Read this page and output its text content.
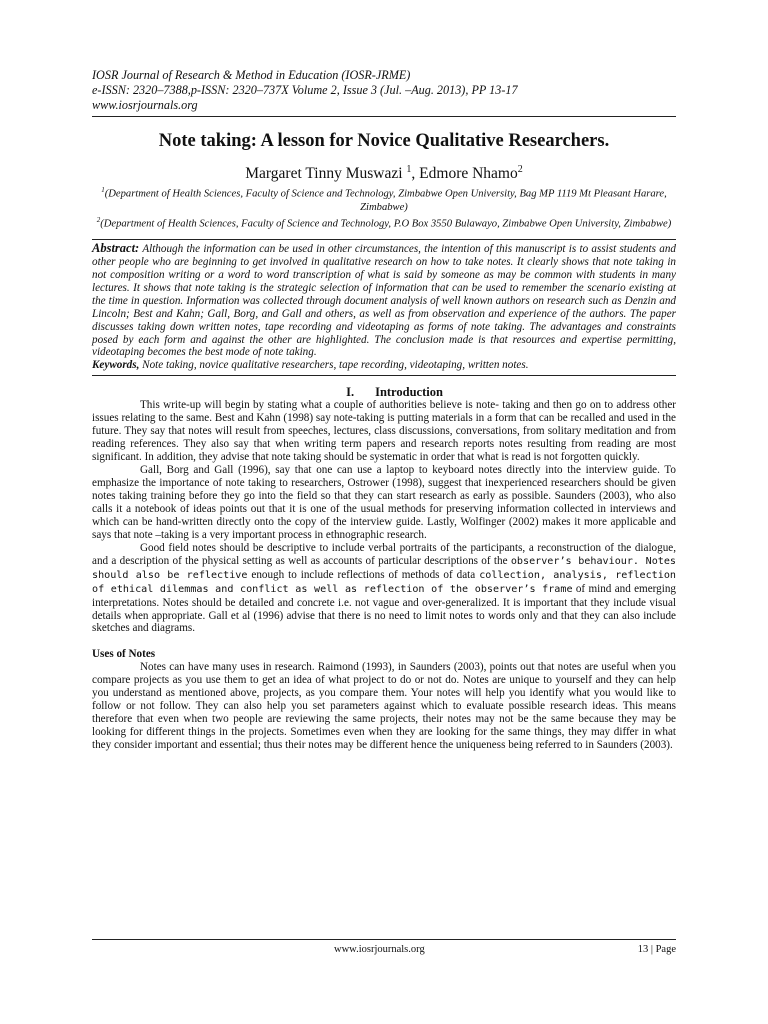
IOSR Journal of Research & Method in Education (IOSR-JRME)
e-ISSN: 2320–7388,p-ISSN: 2320–737X Volume 2, Issue 3 (Jul. –Aug. 2013), PP 13-17
www.iosrjournals.org
Note taking: A lesson for Novice Qualitative Researchers.
Margaret Tinny Muswazi $^1$, Edmore Nhamo$^2$
$^1$(Department of Health Sciences, Faculty of Science and Technology, Zimbabwe Open University, Bag MP 1119 Mt Pleasant Harare, Zimbabwe)
$^2$(Department of Health Sciences, Faculty of Science and Technology, P.O Box 3550 Bulawayo, Zimbabwe Open University, Zimbabwe)
Abstract: Although the information can be used in other circumstances, the intention of this manuscript is to assist students and other people who are beginning to get involved in qualitative research on how to take notes. It clearly shows that note taking in not composition writing or a word to word transcription of what is said by someone as may be common with students in many lectures. It shows that note taking is the strategic selection of information that can be used to remember the scenario existing at the time in question. Information was collected through document analysis of well known authors on research such as Denzin and Lincoln; Best and Kahn; Gall, Borg, and Gall and others, as well as from observation and experience of the authors. The paper discusses taking down written notes, tape recording and videotaping as forms of note taking. The advantages and constraints posed by each form and against the other are highlighted. The conclusion made is that resources and expertise permitting, videotaping becomes the best mode of note taking.
Keywords, Note taking, novice qualitative researchers, tape recording, videotaping, written notes.
I. Introduction

This write-up will begin by stating what a couple of authorities believe is note- taking and then go on to address other issues relating to the same. Best and Kahn (1998) say note-taking is putting materials in a form that can be recalled and used in the future. They say that notes will result from speeches, lectures, class discussions, conversations, from solitary meditation and from reading references. They also say that when writing term papers and research reports notes resulting from reading are most significant. In addition, they advise that note taking should be systematic in order that what is read is not forgotten quickly.

Gall, Borg and Gall (1996), say that one can use a laptop to keyboard notes directly into the interview guide. To emphasize the importance of note taking to researchers, Ostrower (1998), suggest that inexperienced researchers should be given notes taking training before they go into the field so that they can start research as early as possible. Saunders (2003), who also calls it a notebook of ideas points out that it is one of the usual methods for preserving information collected in interviews and which can be hand-written directly onto the copy of the interview guide. Lastly, Wolfinger (2002) makes it more applicable and says that note –taking is a very important process in ethnographic research.

Good field notes should be descriptive to include verbal portraits of the participants, a reconstruction of the dialogue, and a description of the physical setting as well as accounts of particular descriptions of the observer’s behaviour. Notes should also be reflective enough to include reflections of methods of data collection, analysis, reflection of ethical dilemmas and conflict as well as reflection of the observer’s frame of mind and emerging interpretations. Notes should be detailed and concrete i.e. not vague and over-generalized. It is important that they include visual details when appropriate. Gall et al (1996) advise that there is no need to limit notes to words only and that they can also include sketches and diagrams.

Uses of Notes

Notes can have many uses in research. Raimond (1993), in Saunders (2003), points out that notes are useful when you compare projects as you use them to get an idea of what project to do or not do. Notes are unique to yourself and they can help you understand as mentioned above, projects, as you compare them. Your notes will help you identify what you would like to follow or not follow. They can also help you set parameters against which to evaluate possible research ideas. This means therefore that even when two people are reviewing the same projects, their notes may not be the same because they may be looking for different things in the projects. Sometimes even when they are looking for the same things, they may differ in what they consider important and essential; thus their notes may be different hence the uniqueness being referred to in Saunders (2003).

www.iosrjournals.org	13 | Page
